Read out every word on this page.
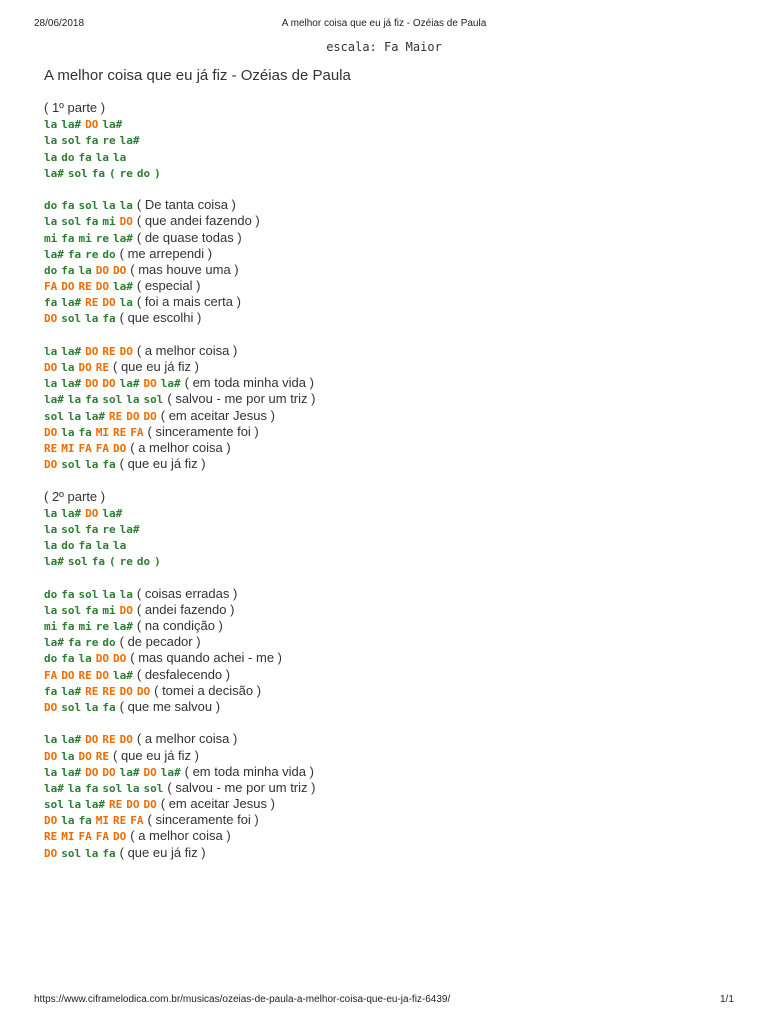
28/06/2018	A melhor coisa que eu já fiz - Ozéias de Paula
escala: Fa Maior
A melhor coisa que eu já fiz - Ozéias de Paula
( 1º parte )
la la# DO la#
la sol fa re la#
la do fa la la
la# sol fa ( re do )
do fa sol la la ( De tanta coisa )
la sol fa mi DO ( que andei fazendo )
mi fa mi re la# ( de quase todas )
la# fa re do ( me arrependi )
do fa la DO DO ( mas houve uma )
FA DO RE DO la# ( especial )
fa la# RE DO la ( foi a mais certa )
DO sol la fa ( que escolhi )
la la# DO RE DO ( a melhor coisa )
DO la DO RE ( que eu já fiz )
la la# DO DO la# DO la# ( em toda minha vida )
la# la fa sol la sol ( salvou - me por um triz )
sol la la# RE DO DO ( em aceitar Jesus )
DO la fa MI RE FA ( sinceramente foi )
RE MI FA FA DO ( a melhor coisa )
DO sol la fa ( que eu já fiz )
( 2º parte )
la la# DO la#
la sol fa re la#
la do fa la la
la# sol fa ( re do )
do fa sol la la ( coisas erradas )
la sol fa mi DO ( andei fazendo )
mi fa mi re la# ( na condição )
la# fa re do ( de pecador )
do fa la DO DO ( mas quando achei - me )
FA DO RE DO la# ( desfalecendo )
fa la# RE RE DO DO ( tomei a decisão )
DO sol la fa ( que me salvou )
la la# DO RE DO ( a melhor coisa )
DO la DO RE ( que eu já fiz )
la la# DO DO la# DO la# ( em toda minha vida )
la# la fa sol la sol ( salvou - me por um triz )
sol la la# RE DO DO ( em aceitar Jesus )
DO la fa MI RE FA ( sinceramente foi )
RE MI FA FA DO ( a melhor coisa )
DO sol la fa ( que eu já fiz )
https://www.ciframelodica.com.br/musicas/ozeias-de-paula-a-melhor-coisa-que-eu-ja-fiz-6439/	1/1
